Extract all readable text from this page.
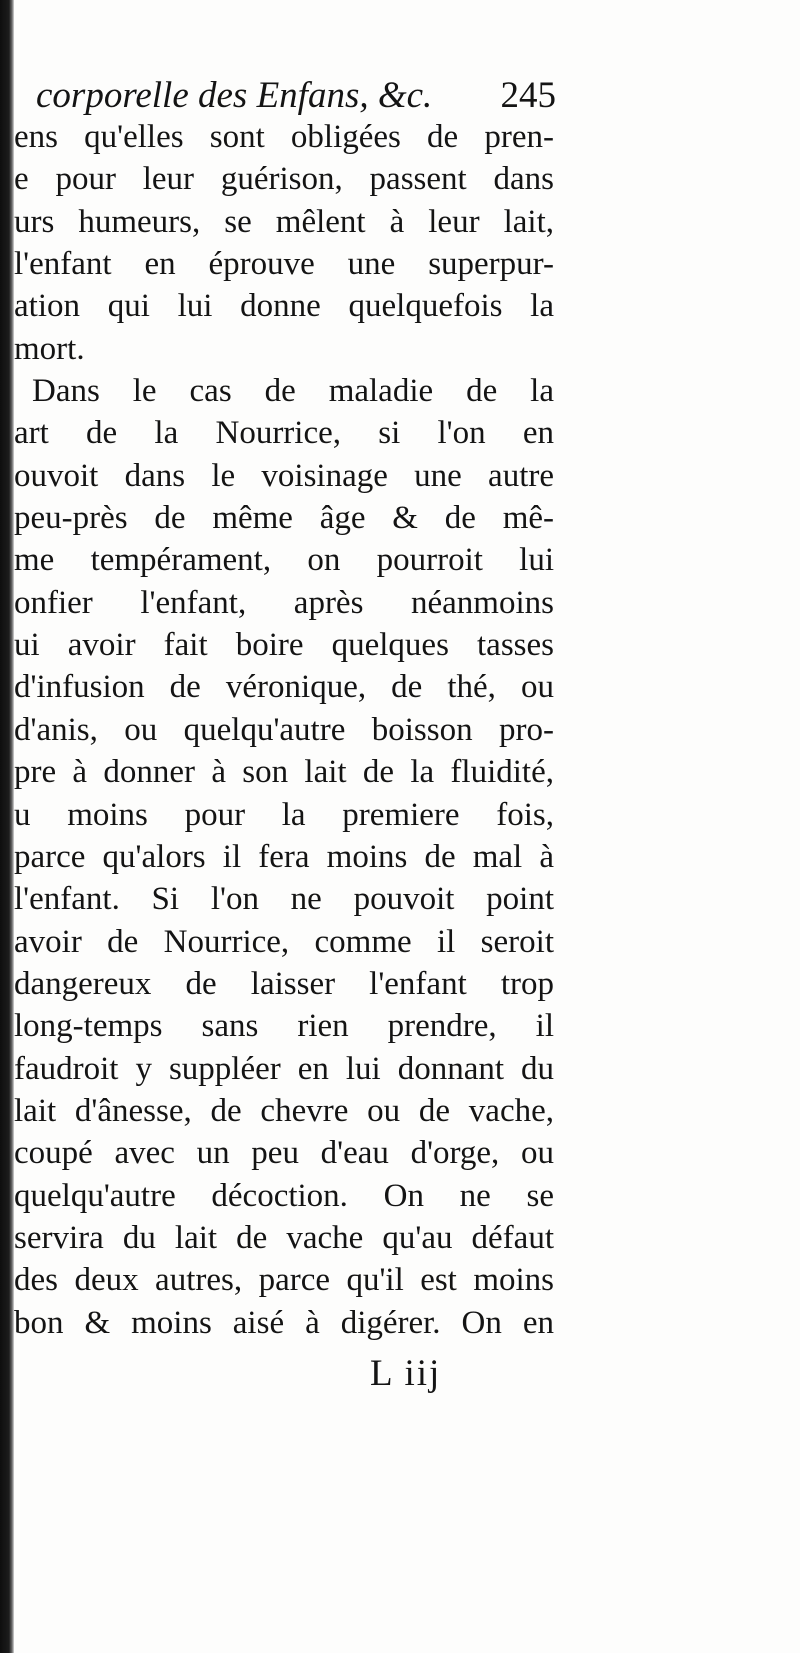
corporelle des Enfans, &c. 245
ens qu'elles sont obligées de pren-
e pour leur guérison, passent dans
urs humeurs, se mêlent à leur lait,
l'enfant en éprouve une superpur-
ation qui lui donne quelquefois la
mort.
Dans le cas de maladie de la
art de la Nourrice, si l'on en
ouvoit dans le voisinage une autre
peu-près de même âge & de mê-
me tempérament, on pourroit lui
onfier l'enfant, après néanmoins
ui avoir fait boire quelques tasses
d'infusion de véronique, de thé, ou
d'anis, ou quelqu'autre boisson pro-
pre à donner à son lait de la fluidité,
u moins pour la premiere fois,
parce qu'alors il fera moins de mal à
l'enfant. Si l'on ne pouvoit point
avoir de Nourrice, comme il seroit
dangereux de laisser l'enfant trop
long-temps sans rien prendre, il
faudroit y suppléer en lui donnant du
lait d'ânesse, de chevre ou de vache,
coupé avec un peu d'eau d'orge, ou
quelqu'autre décoction. On ne se
servira du lait de vache qu'au défaut
des deux autres, parce qu'il est moins
bon & moins aisé à digérer. On en
L iij
